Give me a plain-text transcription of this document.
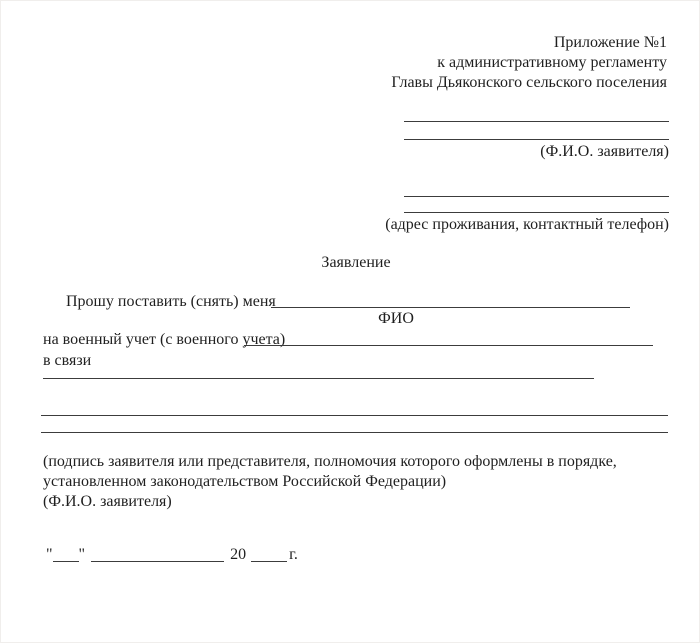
Приложение №1
к административному регламенту
Главы Дьяконского сельского поселения
(Ф.И.О. заявителя)
(адрес проживания, контактный телефон)
Заявление
Прошу поставить (снять) меня
ФИО
на военный учет (с военного учета)
в связи
(подпись заявителя или представителя, полномочия которого оформлены в порядке,
установленном законодательством Российской Федерации)
(Ф.И.О. заявителя)
" "	20	г.
